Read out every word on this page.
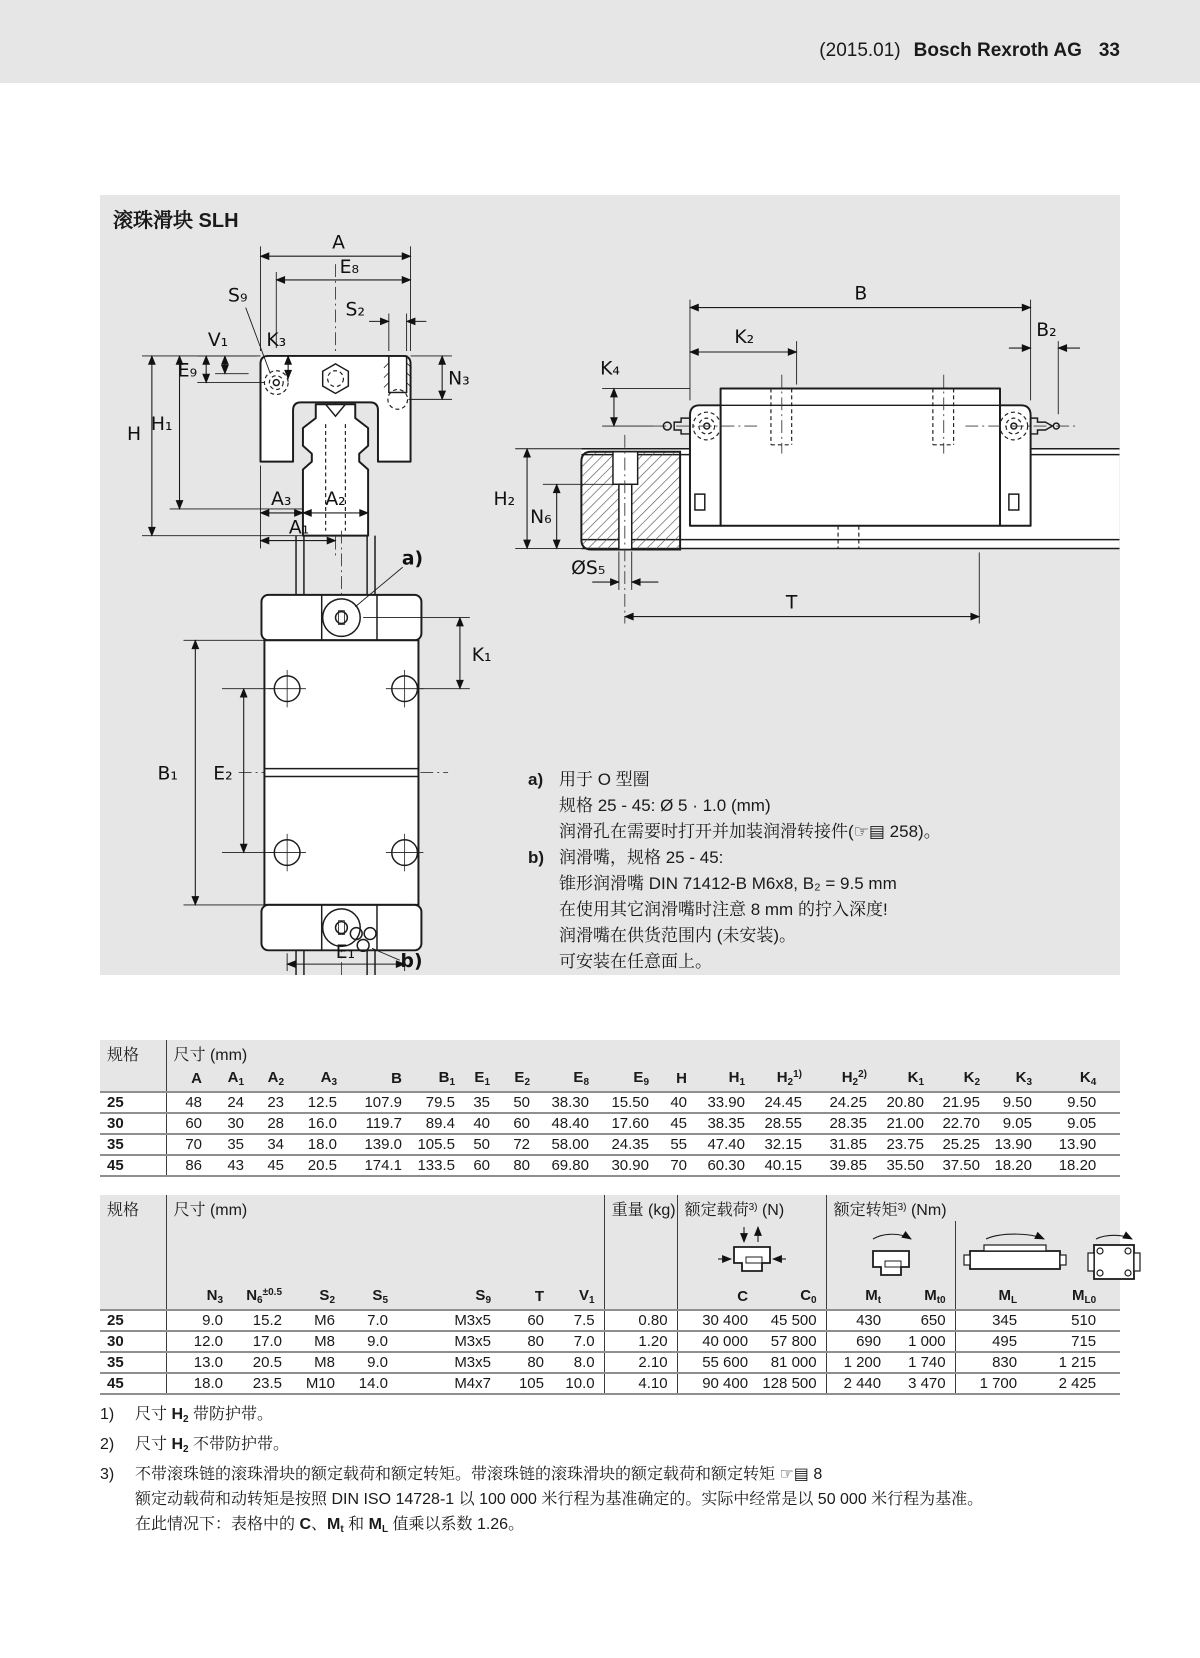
(2015.01) Bosch Rexroth AG 33
滚珠滑块 SLH
A
E₈
S₉
V₁ K₃
S₂
N₃
E₉
H H₁
A₃ A₂
A₁
B
K₂	B₂
K₄
H₂
N₆
ØS₅
T
a)
b)
K₁
B₁ E₂
E₁
a) 用于 O 型圈
规格 25 - 45: Ø 5 · 1.0 (mm)
润滑孔在需要时打开并加装润滑转接件(☞▤ 258)。
b) 润滑嘴，规格 25 - 45:
锥形润滑嘴 DIN 71412-B M6x8, B₂ = 9.5 mm
在使用其它润滑嘴时注意 8 mm 的拧入深度!
润滑嘴在供货范围内 (未安装)。
可安装在任意面上。
规格	尺寸 (mm)																	
	A	$A_1$	$A_2$	$A_3$	B	$B_1$	$E_1$	$E_2$	$E_8$	$E_9$	H	$H_1$	$H_2^{1)}$	$H_2^{2)}$	$K_1$	$K_2$	$K_3$	$K_4$
25	48	24	23	12.5	107.9	79.5	35	50	38.30	15.50	40	33.90	24.45	24.25	20.80	21.95	9.50	9.50
30	60	30	28	16.0	119.7	89.4	40	60	48.40	17.60	45	38.35	28.55	28.35	21.00	22.70	9.05	9.05
35	70	35	34	18.0	139.0	105.5	50	72	58.00	24.35	55	47.40	32.15	31.85	23.75	25.25	13.90	13.90
45	86	43	45	20.5	174.1	133.5	60	80	69.80	30.90	70	60.30	40.15	39.85	35.50	37.50	18.20	18.20
规格	尺寸 (mm)							重量 (kg)	额定载荷$^{3)}$ (N)		额定转矩$^{3)}$ (Nm)			

	$N_3$	$N_6^{\pm 0.5}$	$S_2$	$S_5$	$S_9$	T	$V_1$		C	$C_0$	$M_t$	$M_{t0}$	$M_L$	$M_{L0}$
25	9.0	15.2	M6	7.0	M3x5	60	7.5	0.80	30 400	45 500	430	650	345	510
30	12.0	17.0	M8	9.0	M3x5	80	7.0	1.20	40 000	57 800	690	1 000	495	715
35	13.0	20.5	M8	9.0	M3x5	80	8.0	2.10	55 600	81 000	1 200	1 740	830	1 215
45	18.0	23.5	M10	14.0	M4x7	105	10.0	4.10	90 400	128 500	2 440	3 470	1 700	2 425
1)	尺寸 $H_2$ 带防护带。
2)	尺寸 $H_2$ 不带防护带。
3)	不带滚珠链的滚珠滑块的额定载荷和额定转矩。带滚珠链的滚珠滑块的额定载荷和额定转矩 ☞▤ 8
额定动载荷和动转矩是按照 DIN ISO 14728-1 以 100 000 米行程为基准确定的。实际中经常是以 50 000 米行程为基准。
在此情况下：表格中的 C、$M_t$ 和 $M_L$ 值乘以系数 1.26。
